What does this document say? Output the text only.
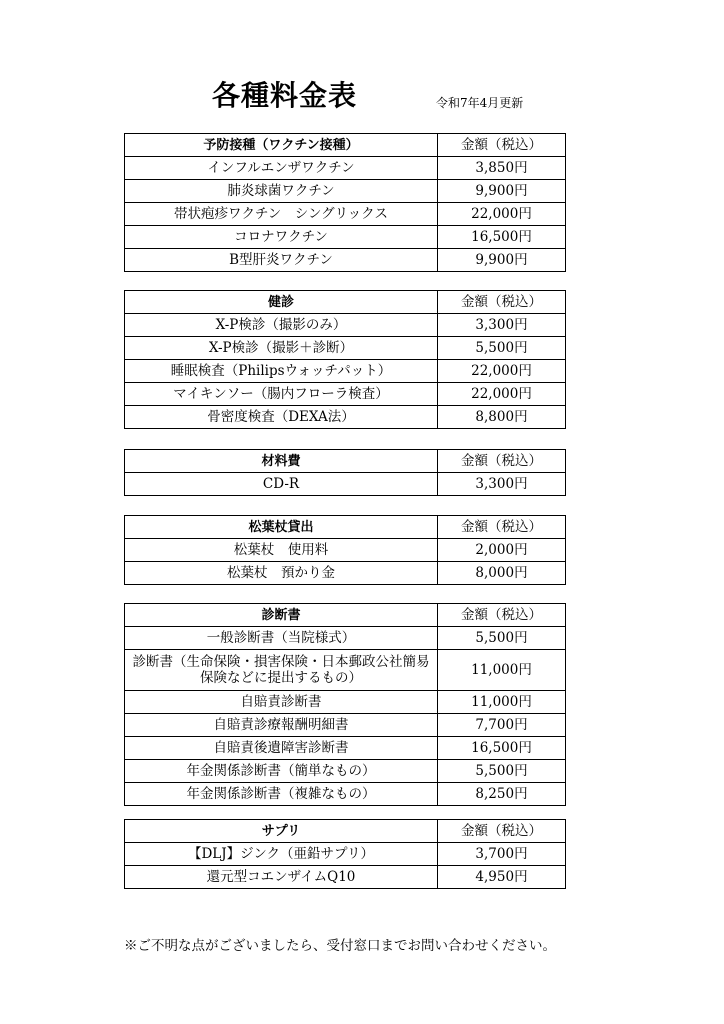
各種料金表	令和7年4月更新
予防接種（ワクチン接種）	金額（税込）
インフルエンザワクチン	3,850円
肺炎球菌ワクチン	9,900円
帯状疱疹ワクチン　シングリックス	22,000円
コロナワクチン	16,500円
B型肝炎ワクチン	9,900円
健診	金額（税込）
X-P検診（撮影のみ）	3,300円
X-P検診（撮影＋診断）	5,500円
睡眠検査（Philipsウォッチパット）	22,000円
マイキンソー（腸内フローラ検査）	22,000円
骨密度検査（DEXA法）	8,800円
材料費	金額（税込）
CD-R	3,300円
松葉杖貸出	金額（税込）
松葉杖　使用料	2,000円
松葉杖　預かり金	8,000円
診断書	金額（税込）
一般診断書（当院様式）	5,500円
診断書（生命保険・損害保険・日本郵政公社簡易保険などに提出するもの）	11,000円
自賠責診断書	11,000円
自賠責診療報酬明細書	7,700円
自賠責後遺障害診断書	16,500円
年金関係診断書（簡単なもの）	5,500円
年金関係診断書（複雑なもの）	8,250円
サプリ	金額（税込）
【DLJ】ジンク（亜鉛サプリ）	3,700円
還元型コエンザイムQ10	4,950円
※ご不明な点がございましたら、受付窓口までお問い合わせください。
